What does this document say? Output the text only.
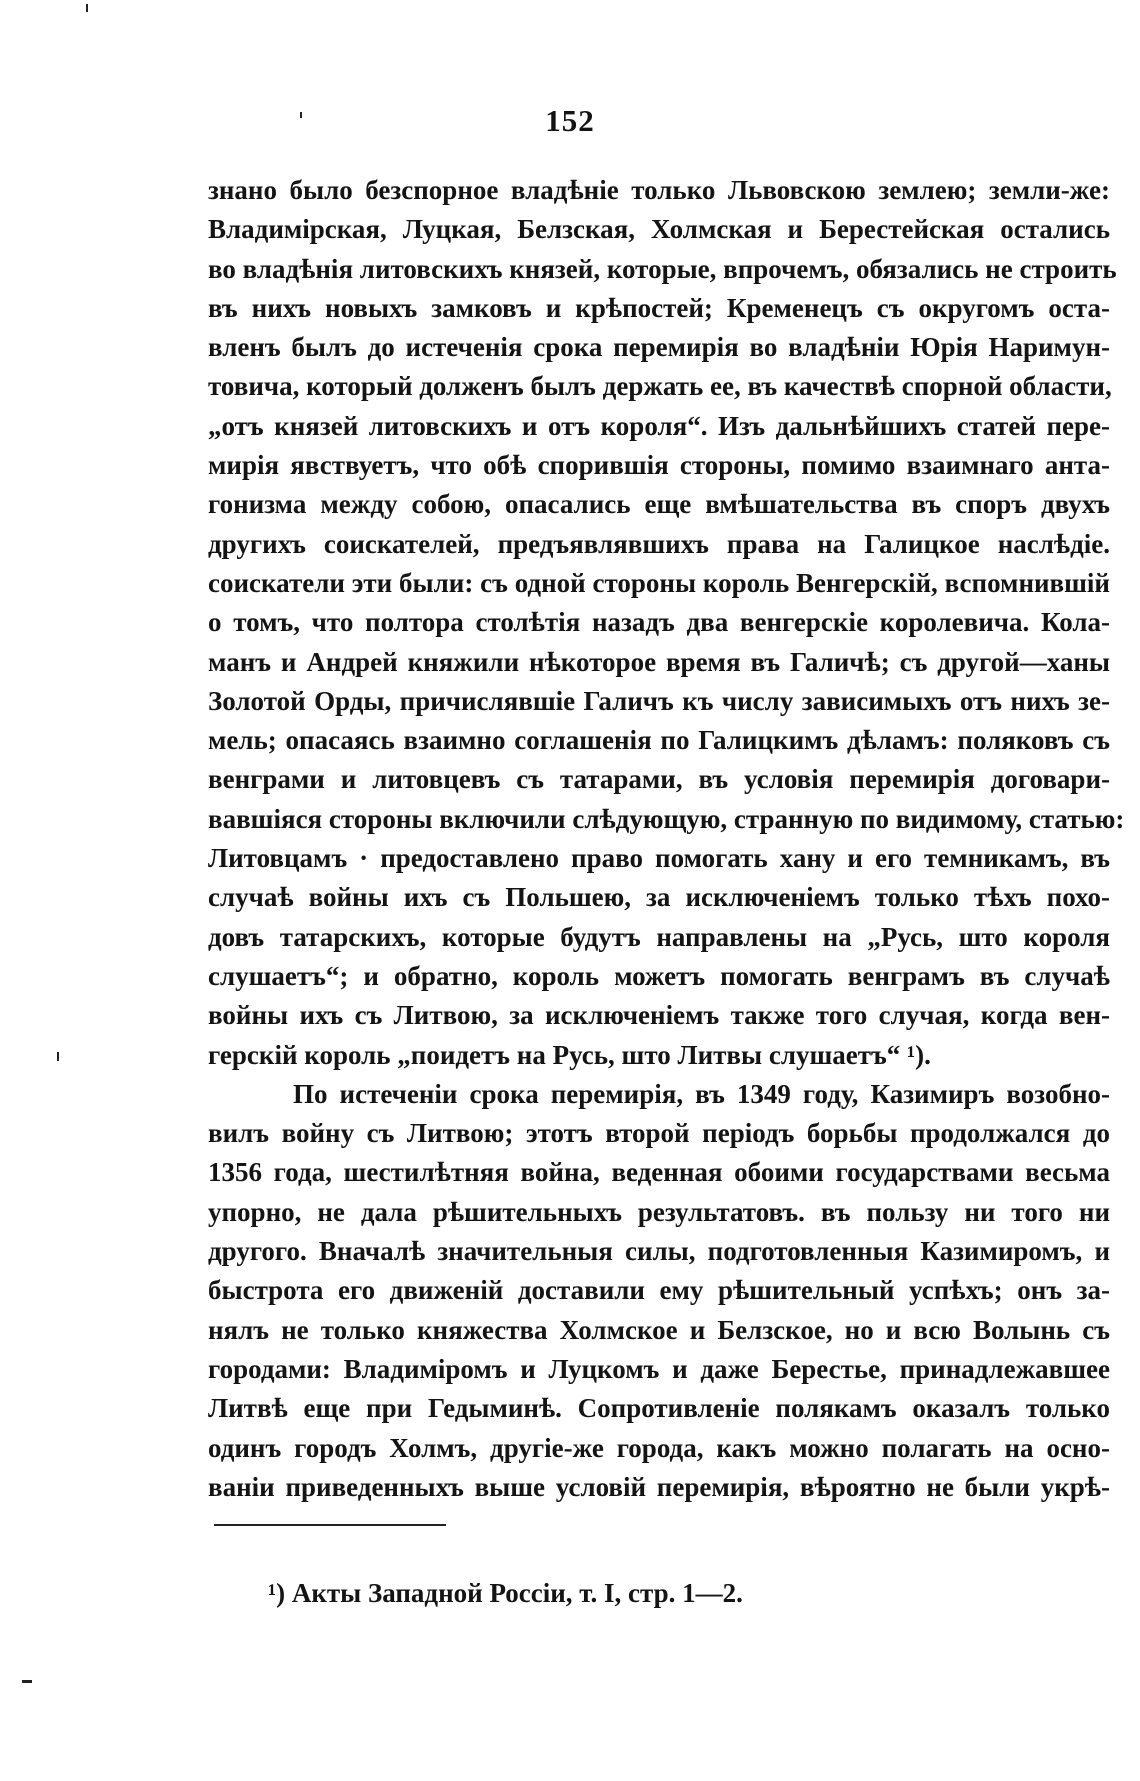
152
знано было безспорное владѣніе только Львовскою землею; земли-же:
Владимірская, Луцкая, Белзская, Холмская и Берестейская остались
во владѣнія литовскихъ князей, которые, впрочемъ, обязались не строить
въ нихъ новыхъ замковъ и крѣпостей; Кременецъ съ округомъ оста-
вленъ былъ до истеченія срока перемирія во владѣніи Юрія Наримун-
товича, который долженъ былъ держать ее, въ качествѣ спорной области,
„отъ князей литовскихъ и отъ короля“. Изъ дальнѣйшихъ статей пере-
мирія явствуетъ, что обѣ спорившія стороны, помимо взаимнаго анта-
гонизма между собою, опасались еще вмѣшательства въ споръ двухъ
другихъ соискателей, предъявлявшихъ права на Галицкое наслѣдіе.
соискатели эти были: съ одной стороны король Венгерскій, вспомнившій
о томъ, что полтора столѣтія назадъ два венгерскіе королевича. Кола-
манъ и Андрей княжили нѣкоторое время въ Галичѣ; съ другой—ханы
Золотой Орды, причислявшіе Галичъ къ числу зависимыхъ отъ нихъ зе-
мель; опасаясь взаимно соглашенія по Галицкимъ дѣламъ: поляковъ съ
венграми и литовцевъ съ татарами, въ условія перемирія договари-
вавшіяся стороны включили слѣдующую, странную по видимому, статью:
Литовцамъ · предоставлено право помогать хану и его темникамъ, въ
случаѣ войны ихъ съ Польшею, за исключеніемъ только тѣхъ похо-
довъ татарскихъ, которые будутъ направлены на „Русь, што короля
слушаетъ“; и обратно, король можетъ помогать венграмъ въ случаѣ
войны ихъ съ Литвою, за исключеніемъ также того случая, когда вен-
герскій король „поидетъ на Русь, што Литвы слушаетъ“ ¹).
По истеченіи срока перемирія, въ 1349 году, Казимиръ возобно-
вилъ войну съ Литвою; этотъ второй періодъ борьбы продолжался до
1356 года, шестилѣтняя война, веденная обоими государствами весьма
упорно, не дала рѣшительныхъ результатовъ. въ пользу ни того ни
другого. Вначалѣ значительныя силы, подготовленныя Казимиромъ, и
быстрота его движеній доставили ему рѣшительный успѣхъ; онъ за-
нялъ не только княжества Холмское и Белзское, но и всю Волынь съ
городами: Владиміромъ и Луцкомъ и даже Берестье, принадлежавшее
Литвѣ еще при Гедыминѣ. Сопротивленіе полякамъ оказалъ только
одинъ городъ Холмъ, другіе-же города, какъ можно полагать на осно-
ваніи приведенныхъ выше условій перемирія, вѣроятно не были укрѣ-
¹) Акты Западной Россіи, т. I, стр. 1—2.
